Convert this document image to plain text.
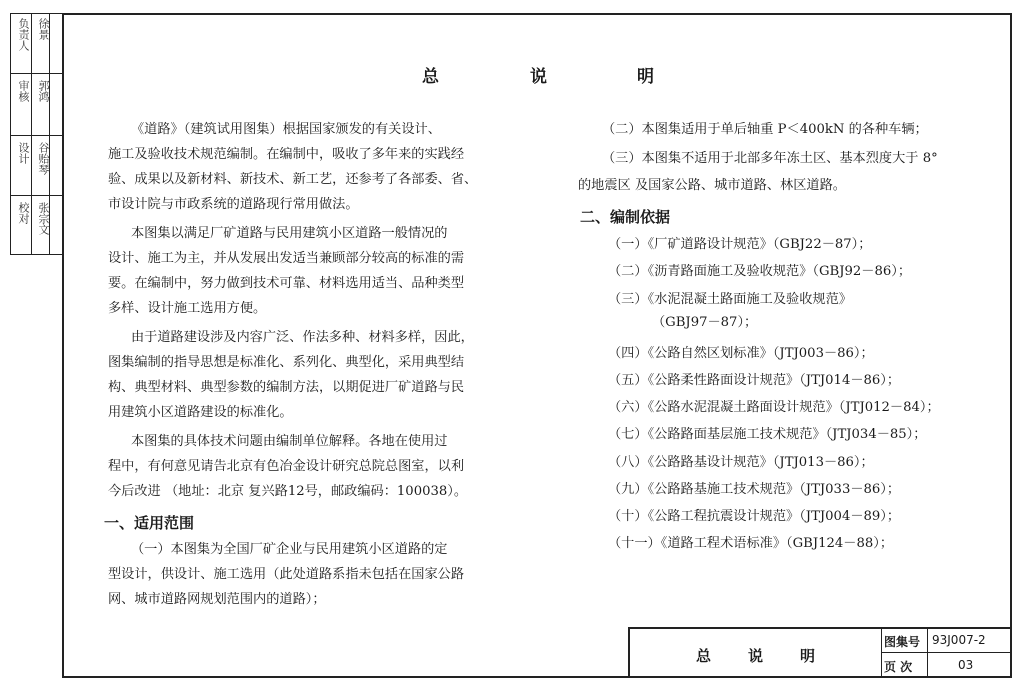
负责人 徐景
审核 郭鸿
设计 谷贻琴
校对 张宗文
总	说	明
《道路》（建筑试用图集）根据国家颁发的有关设计、
施工及验收技术规范编制。在编制中，吸收了多年来的实践经
验、成果以及新材料、新技术、新工艺，还参考了各部委、省、
市设计院与市政系统的道路现行常用做法。
本图集以满足厂矿道路与民用建筑小区道路一般情况的
设计、施工为主，并从发展出发适当兼顾部分较高的标准的需
要。在编制中，努力做到技术可靠、材料选用适当、品种类型
多样、设计施工选用方便。
由于道路建设涉及内容广泛、作法多种、材料多样，因此，
图集编制的指导思想是标准化、系列化、典型化，采用典型结
构、典型材料、典型参数的编制方法，以期促进厂矿道路与民
用建筑小区道路建设的标准化。
本图集的具体技术问题由编制单位解释。各地在使用过
程中，有何意见请告北京有色冶金设计研究总院总图室，以利
今后改进 （地址：北京 复兴路12号，邮政编码：100038）。
一、适用范围
（一）本图集为全国厂矿企业与民用建筑小区道路的定
型设计，供设计、施工选用（此处道路系指未包括在国家公路
网、城市道路网规划范围内的道路）；
（二）本图集适用于单后轴重 P＜400kN 的各种车辆；
（三）本图集不适用于北部多年冻土区、基本烈度大于 8°
的地震区 及国家公路、城市道路、林区道路。
二、编制依据
（一）《厂矿道路设计规范》（GBJ22－87）；
（二）《沥青路面施工及验收规范》（GBJ92－86）；
（三）《水泥混凝土路面施工及验收规范》
（GBJ97－87）；
（四）《公路自然区划标准》（JTJ003－86）；
（五）《公路柔性路面设计规范》（JTJ014－86）；
（六）《公路水泥混凝土路面设计规范》（JTJ012－84）；
（七）《公路路面基层施工技术规范》（JTJ034－85）；
（八）《公路路基设计规范》（JTJ013－86）；
（九）《公路路基施工技术规范》（JTJ033－86）；
（十）《公路工程抗震设计规范》（JTJ004－89）；
（十一）《道路工程术语标准》（GBJ124－88）；
总 说 明
图集号 93J007-2
页 次	03
